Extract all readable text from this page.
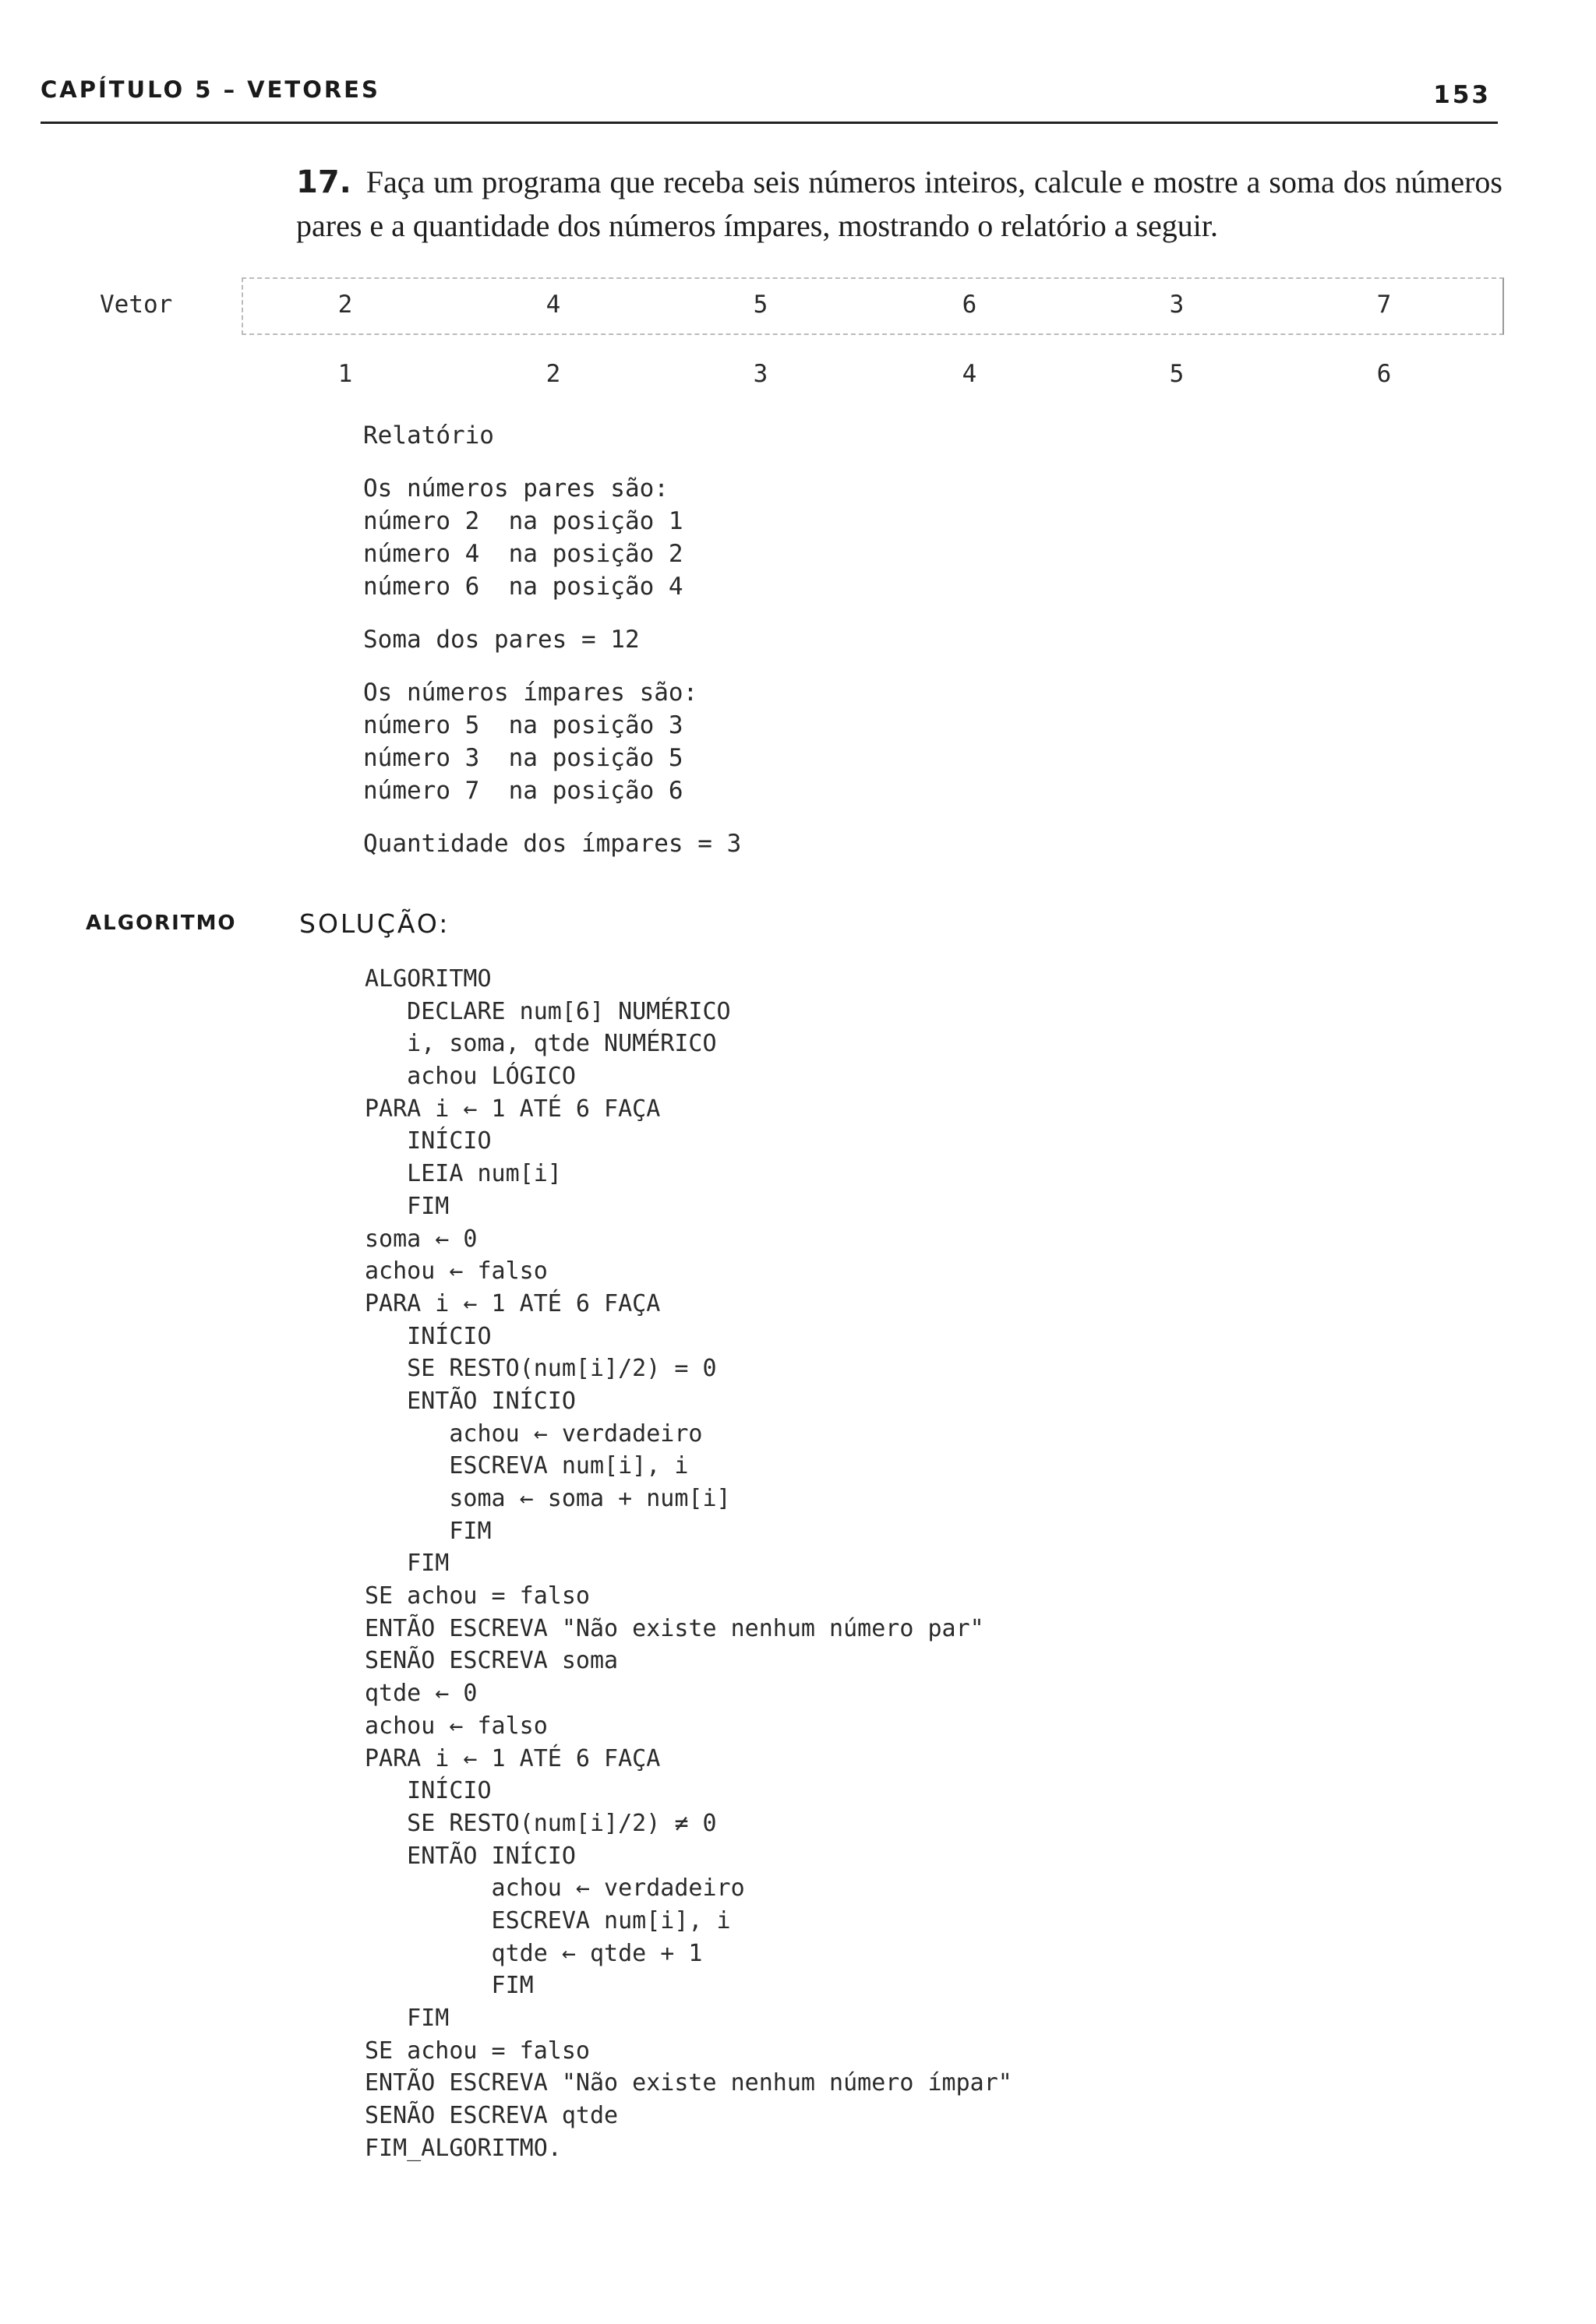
CAPÍTULO 5 – VETORES	153
17. Faça um programa que receba seis números inteiros, calcule e mostre a soma dos números pares e a quantidade dos números ímpares, mostrando o relatório a seguir.
Vetor	2	4	5	6	3	7
1	2	3	4	5	6
Relatório
Os números pares são:
número 2  na posição 1
número 4  na posição 2
número 6  na posição 4
Soma dos pares = 12
Os números ímpares são:
número 5  na posição 3
número 3  na posição 5
número 7  na posição 6
Quantidade dos ímpares = 3
ALGORITMO SOLUÇÃO:
ALGORITMO
DECLARE num[6] NUMÉRICO
i, soma, qtde NUMÉRICO
achou LÓGICO
PARA i ← 1 ATÉ 6 FAÇA
INÍCIO
LEIA num[i]
FIM
soma ← 0
achou ← falso
PARA i ← 1 ATÉ 6 FAÇA
INÍCIO
SE RESTO(num[i]/2) = 0
ENTÃO INÍCIO
achou ← verdadeiro
ESCREVA num[i], i
soma ← soma + num[i]
FIM
FIM
SE achou = falso
ENTÃO ESCREVA "Não existe nenhum número par"
SENÃO ESCREVA soma
qtde ← 0
achou ← falso
PARA i ← 1 ATÉ 6 FAÇA
INÍCIO
SE RESTO(num[i]/2) ≠ 0
ENTÃO INÍCIO
achou ← verdadeiro
ESCREVA num[i], i
qtde ← qtde + 1
FIM
FIM
SE achou = falso
ENTÃO ESCREVA "Não existe nenhum número ímpar"
SENÃO ESCREVA qtde
FIM_ALGORITMO.
